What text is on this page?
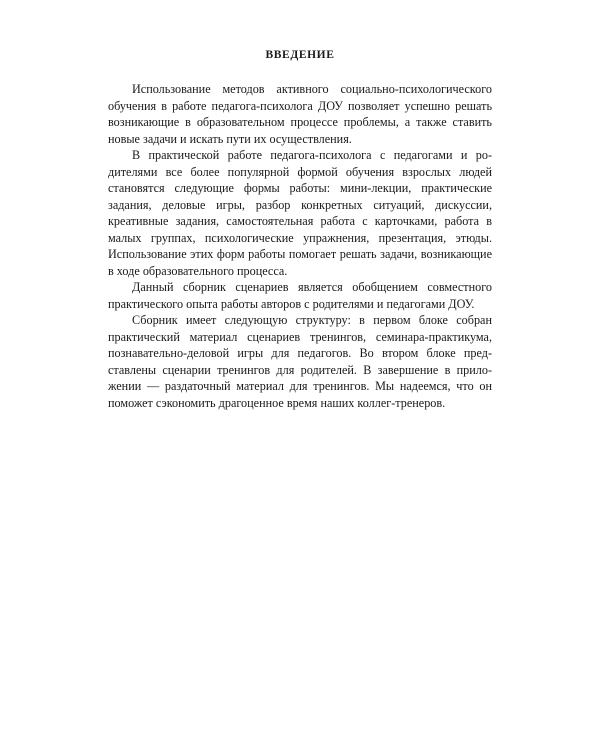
ВВЕДЕНИЕ

Использование методов активного социально-психологического обучения в работе педагога-психолога ДОУ позволяет успешно решать возникающие в образовательном процессе проблемы, а также ставить новые задачи и искать пути их осуществления.

В практической работе педагога-психолога с педагогами и родителями все более популярной формой обучения взрослых людей становятся следующие формы работы: мини-лекции, практические задания, деловые игры, разбор конкретных ситуаций, дискуссии, креативные задания, самостоятельная работа с карточками, работа в малых группах, психологические упражнения, презентация, этюды. Использование этих форм работы помогает решать задачи, возникающие в ходе образовательного процесса.

Данный сборник сценариев является обобщением совместного практического опыта работы авторов с родителями и педагогами ДОУ.

Сборник имеет следующую структуру: в первом блоке собран практический материал сценариев тренингов, семинара-практикума, познавательно-деловой игры для педагогов. Во втором блоке представлены сценарии тренингов для родителей. В завершение в приложении — раздаточный материал для тренингов. Мы надеемся, что он поможет сэкономить драгоценное время наших коллег-тренеров.
